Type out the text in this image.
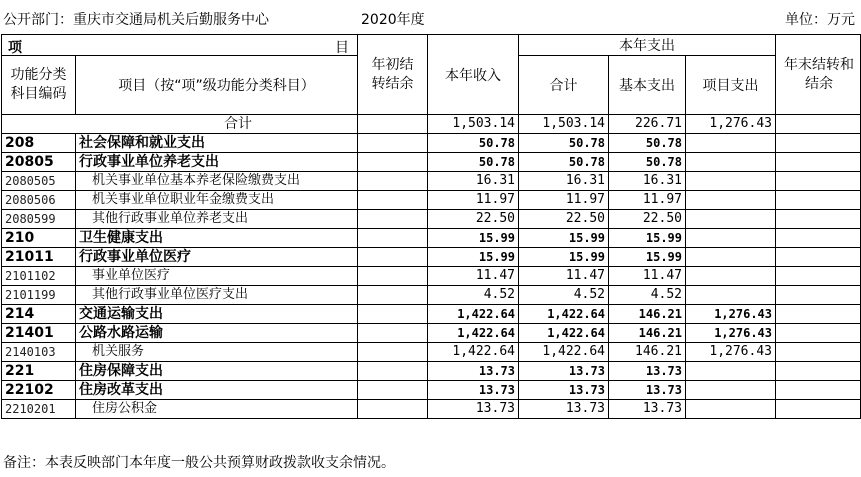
公开部门：重庆市交通局机关后勤服务中心	2020年度	单位：万元
项 目		年初结转结余	本年收入	本年支出			年末结转和结余
功能分类科目编码	项目（按“项”级功能分类科目）			合计	基本支出	项目支出	
合计			1,503.14	1,503.14	226.71	1,276.43	
208	社会保障和就业支出		50.78	50.78	50.78		
20805	行政事业单位养老支出		50.78	50.78	50.78		
2080505	机关事业单位基本养老保险缴费支出		16.31	16.31	16.31		
2080506	机关事业单位职业年金缴费支出		11.97	11.97	11.97		
2080599	其他行政事业单位养老支出		22.50	22.50	22.50		
210	卫生健康支出		15.99	15.99	15.99		
21011	行政事业单位医疗		15.99	15.99	15.99		
2101102	事业单位医疗		11.47	11.47	11.47		
2101199	其他行政事业单位医疗支出		4.52	4.52	4.52		
214	交通运输支出		1,422.64	1,422.64	146.21	1,276.43	
21401	公路水路运输		1,422.64	1,422.64	146.21	1,276.43	
2140103	机关服务		1,422.64	1,422.64	146.21	1,276.43	
221	住房保障支出		13.73	13.73	13.73		
22102	住房改革支出		13.73	13.73	13.73		
2210201	住房公积金		13.73	13.73	13.73		
备注：本表反映部门本年度一般公共预算财政拨款收支余情况。
